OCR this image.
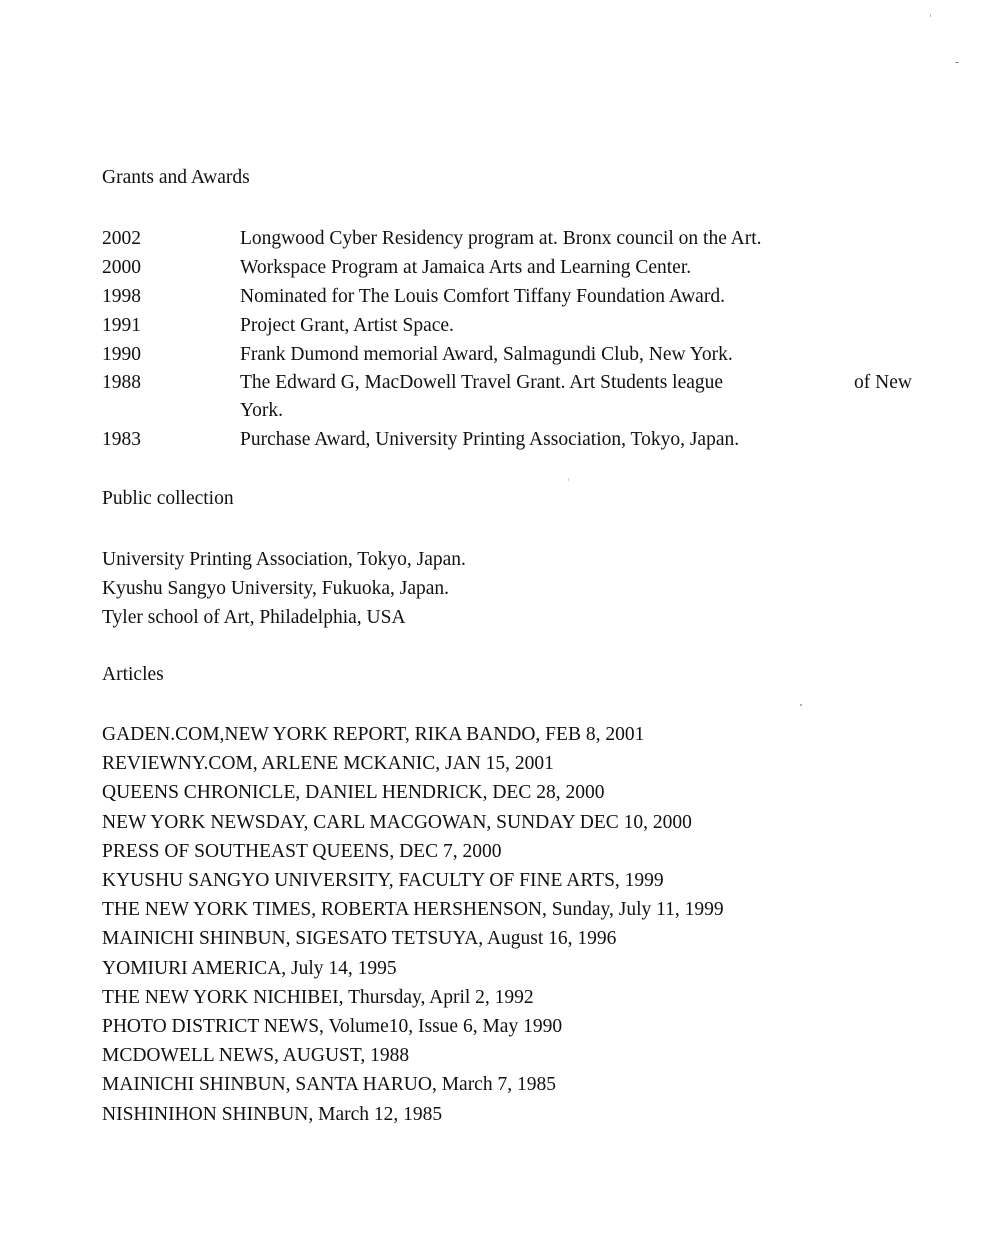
Grants and Awards
2002	Longwood Cyber Residency program at. Bronx council on the Art.
2000	Workspace Program at Jamaica Arts and Learning Center.
1998	Nominated for The Louis Comfort Tiffany Foundation Award.
1991	Project Grant, Artist Space.
1990	Frank Dumond memorial Award, Salmagundi Club, New York.
1988	The Edward G, MacDowell Travel Grant. Art Students league	of New
York.
1983	Purchase Award, University Printing Association, Tokyo, Japan.
Public collection
University Printing Association, Tokyo, Japan.
Kyushu Sangyo University, Fukuoka, Japan.
Tyler school of Art, Philadelphia, USA
Articles
GADEN.COM,NEW YORK REPORT, RIKA BANDO, FEB 8, 2001
REVIEWNY.COM, ARLENE MCKANIC, JAN 15, 2001
QUEENS CHRONICLE, DANIEL HENDRICK, DEC 28, 2000
NEW YORK NEWSDAY, CARL MACGOWAN, SUNDAY DEC 10, 2000
PRESS OF SOUTHEAST QUEENS, DEC 7, 2000
KYUSHU SANGYO UNIVERSITY, FACULTY OF FINE ARTS, 1999
THE NEW YORK TIMES, ROBERTA HERSHENSON, Sunday, July 11, 1999
MAINICHI SHINBUN, SIGESATO TETSUYA, August 16, 1996
YOMIURI AMERICA, July 14, 1995
THE NEW YORK NICHIBEI, Thursday, April 2, 1992
PHOTO DISTRICT NEWS, Volume10, Issue 6, May 1990
MCDOWELL NEWS, AUGUST, 1988
MAINICHI SHINBUN, SANTA HARUO, March 7, 1985
NISHINIHON SHINBUN, March 12, 1985
